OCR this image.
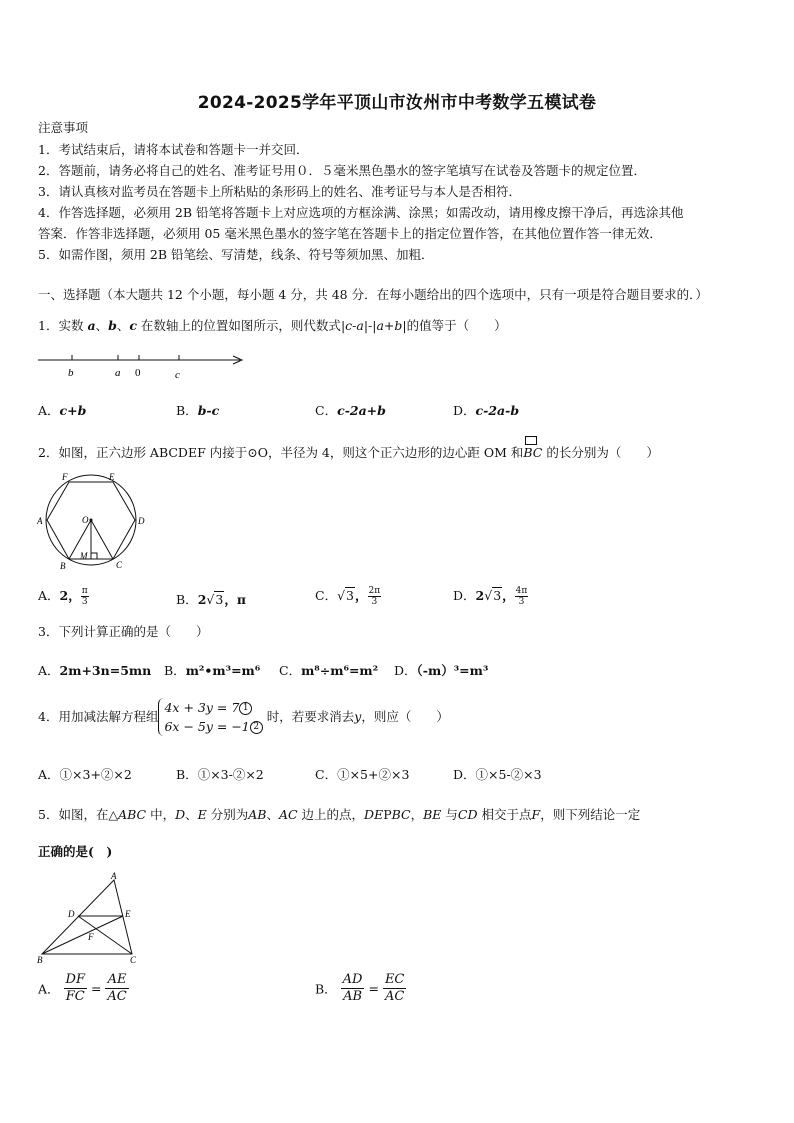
2024-2025学年平顶山市汝州市中考数学五模试卷
注意事项
1．考试结束后，请将本试卷和答题卡一并交回．
2．答题前，请务必将自己的姓名、准考证号用０．５毫米黑色墨水的签字笔填写在试卷及答题卡的规定位置．
3．请认真核对监考员在答题卡上所粘贴的条形码上的姓名、准考证号与本人是否相符．
4．作答选择题，必须用 2B 铅笔将答题卡上对应选项的方框涂满、涂黑；如需改动，请用橡皮擦干净后，再选涂其他
答案．作答非选择题，必须用 05 毫米黑色墨水的签字笔在答题卡上的指定位置作答，在其他位置作答一律无效．
5．如需作图，须用 2B 铅笔绘、写清楚，线条、符号等须加黑、加粗．
一、选择题（本大题共 12 个小题，每小题 4 分，共 48 分．在每小题给出的四个选项中，只有一项是符合题目要求的．）
1．实数 a、b、c 在数轴上的位置如图所示，则代数式|c-a|-|a+b|的值等于（　　）
b	a 0	c
A．c+b	B．b-c	C．c-2a+b	D．c-2a-b
2．如图，正六边形 ABCDEF 内接于⊙O，半径为 4，则这个正六边形的边心距 OM 和
⌒
BC 的长分别为（　　）
F	E
A	D
O
M
B	C
A．2， $\frac{\pi}{3}$	B．2√3，π	C．√3， $\frac{2\pi}{3}$	D．2√3， $\frac{4\pi}{3}$
3．下列计算正确的是（　　）
A．2m+3n=5mn B．m²•m³=m⁶ C．m⁸÷m⁶=m² D．（-m）³=m³
4．用加减法解方程组
4x + 3y = 7 1
6x − 5y = −1 2
时，若要求消去y，则应（　　）
A．①×3+②×2	B．①×3-②×2	C．①×5+②×3	D．①×5-②×3
5．如图，在△ABC 中，D、E 分别为AB、AC 边上的点，DEPBC，BE 与CD 相交于点F，则下列结论一定
正确的是(　)
A
D	E
F
B	C
A． $\frac{DF}{FC} = \frac{AE}{AC}$	B． $\frac{AD}{AB} = \frac{EC}{AC}$
